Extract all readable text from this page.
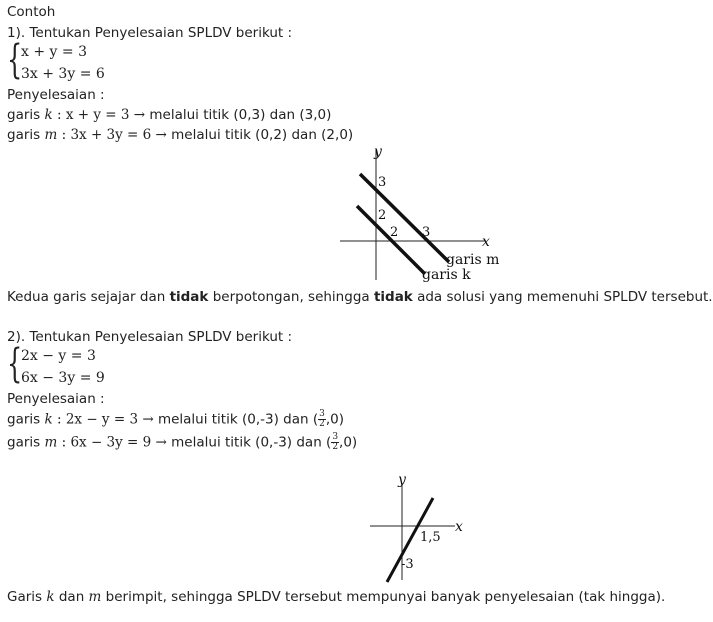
Contoh
1). Tentukan Penyelesaian SPLDV berikut :
{
x + y = 3
3x + 3y = 6
Penyelesaian :
garis k : x + y = 3 → melalui titik (0,3) dan (3,0)
garis m : 3x + 3y = 6 → melalui titik (0,2) dan (2,0)
y
x
3
2
2 3
garis m
garis k
Kedua garis sejajar dan tidak berpotongan, sehingga tidak ada solusi yang memenuhi SPLDV tersebut.
2). Tentukan Penyelesaian SPLDV berikut :
{
2x − y = 3
6x − 3y = 9
Penyelesaian :
garis k : 2x − y = 3 → melalui titik (0,-3) dan ( $\frac{3}{2} ,0$)
garis m : 6x − 3y = 9 → melalui titik (0,-3) dan ( $\frac{3}{2} ,0$)
y
x
1,5
-3
Garis k dan m berimpit, sehingga SPLDV tersebut mempunyai banyak penyelesaian (tak hingga).
